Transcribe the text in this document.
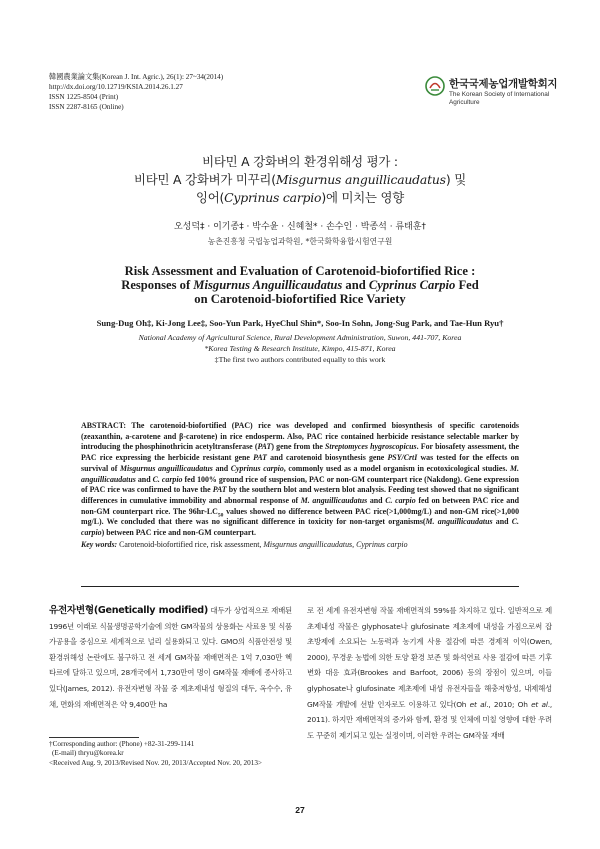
韓國農業論文集(Korean J. Int. Agric.), 26(1): 27~34(2014)
http://dx.doi.org/10.12719/KSIA.2014.26.1.27
ISSN 1225-8504 (Print)
ISSN 2287-8165 (Online)
한국국제농업개발학회지
The Korean Society of International
Agriculture
비타민 A 강화벼의 환경위해성 평가 :
비타민 A 강화벼가 미꾸리(Misgurnus anguillicaudatus) 및
잉어(Cyprinus carpio)에 미치는 영향
오성덕‡ · 이기종‡ · 박수윤 · 신혜철* · 손수인 · 박종석 · 류태훈†
농촌진흥청 국립농업과학원, *한국화학융합시험연구원
Risk Assessment and Evaluation of Carotenoid-biofortified Rice :
Responses of Misgurnus Anguillicaudatus and Cyprinus Carpio Fed
on Carotenoid-biofortified Rice Variety
Sung-Dug Oh‡, Ki-Jong Lee‡, Soo-Yun Park, HyeChul Shin*, Soo-In Sohn, Jong-Sug Park, and Tae-Hun Ryu†
National Academy of Agricultural Science, Rural Development Administration, Suwon, 441-707, Korea
*Korea Testing & Research Institute, Kimpo, 415-871, Korea
‡The first two authors contributed equally to this work
ABSTRACT: The carotenoid-biofortified (PAC) rice was developed and confirmed biosynthesis of specific carotenoids (zeaxanthin, a-carotene and β-carotene) in rice endosperm. Also, PAC rice contained herbicide resistance selectable marker by introducing the phosphinothricin acetyltransferase (PAT) gene from the Streptomyces hygroscopicus. For biosafety assessment, the PAC rice expressing the herbicide resistant gene PAT and carotenoid biosynthesis gene PSY/CrtI was tested for the effects on survival of Misgurnus anguillicaudatus and Cyprinus carpio, commonly used as a model organism in ecotoxicological studies. M. anguillicaudatus and C. carpio fed 100% ground rice of suspension, PAC or non-GM counterpart rice (Nakdong). Gene expression of PAC rice was confirmed to have the PAT by the southern blot and western blot analysis. Feeding test showed that no significant differences in cumulative immobility and abnormal response of M. anguillicaudatus and C. carpio fed on between PAC rice and non-GM counterpart rice. The $96hr-LC_{50}$ values showed no difference between PAC rice(>1,000mg/L) and non-GM rice(>1,000 mg/L). We concluded that there was no significant difference in toxicity for non-target organisms(M. anguillicaudatus and C. carpio) between PAC rice and non-GM counterpart.
Key words: Carotenoid-biofortified rice, risk assessment, Misgurnus anguillicaudatus, Cyprinus carpio
유전자변형(Genetically modified) 대두가 상업적으로 재배된 1996년 이래로 식물생명공학기술에 의한 GM작물의 상용화는 사료용 및 식품가공용을 중심으로 세계적으로 널리 실용화되고 있다. GMO의 식품안전성 및 환경위해성 논란에도 불구하고 전 세계 GM작물 재배면적은 1억 7,030만 헥타르에 달하고 있으며, 28개국에서 1,730만여 명이 GM작물 재배에 종사하고 있다(James, 2012). 유전자변형 작물 중 제초제내성 형질의 대두, 옥수수, 유채, 면화의 재배면적은 약 9,400만 ha
로 전 세계 유전자변형 작물 재배면적의 59%를 차지하고 있다. 일반적으로 제초제내성 작물은 glyphosate나 glufosinate 제초제에 내성을 가짐으로써 잡초방제에 소요되는 노동력과 농기계 사용 절감에 따른 경제적 이익(Owen, 2000), 무경운 농법에 의한 토양 환경 보존 및 화석연료 사용 절감에 따른 기후 변화 대응 효과(Brookes and Barfoot, 2006) 등의 장점이 있으며, 이들 glyphosate나 glufosinate 제초제에 내성 유전자들을 해충저항성, 내제해성 GM작물 개발에 선발 인자로도 이용하고 있다(Oh et al., 2010; Oh et al., 2011). 하지만 재배면적의 증가와 함께, 환경 및 인체에 미칠 영향에 대한 우려도 꾸준히 제기되고 있는 실정이며, 이러한 우려는 GM작물 재배
†Corresponding author: (Phone) +82-31-299-1141
(E-mail) thryu@korea.kr
<Received Aug. 9, 2013/Revised Nov. 20, 2013/Accepted Nov. 20, 2013>
27
